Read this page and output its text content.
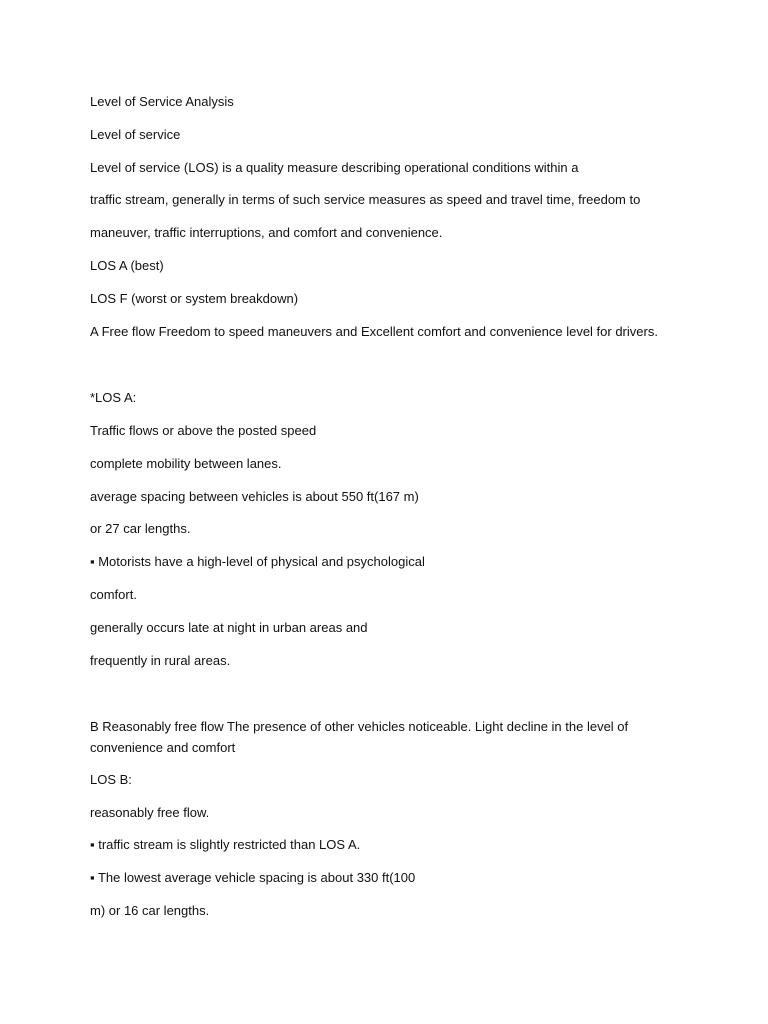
Level of Service Analysis
Level of service
Level of service (LOS) is a quality measure describing operational conditions within a
traffic stream, generally in terms of such service measures as speed and travel time, freedom to
maneuver, traffic interruptions, and comfort and convenience.
LOS A (best)
LOS F (worst or system breakdown)
A Free flow Freedom to speed maneuvers and Excellent comfort and convenience level for drivers.
*LOS A:
Traffic flows or above the posted speed
complete mobility between lanes.
average spacing between vehicles is about 550 ft(167 m)
or 27 car lengths.
▪ Motorists have a high-level of physical and psychological
comfort.
generally occurs late at night in urban areas and
frequently in rural areas.
B Reasonably free flow The presence of other vehicles noticeable. Light decline in the level of convenience and comfort
LOS B:
reasonably free flow.
▪ traffic stream is slightly restricted than LOS A.
▪ The lowest average vehicle spacing is about 330 ft(100
m) or 16 car lengths.
